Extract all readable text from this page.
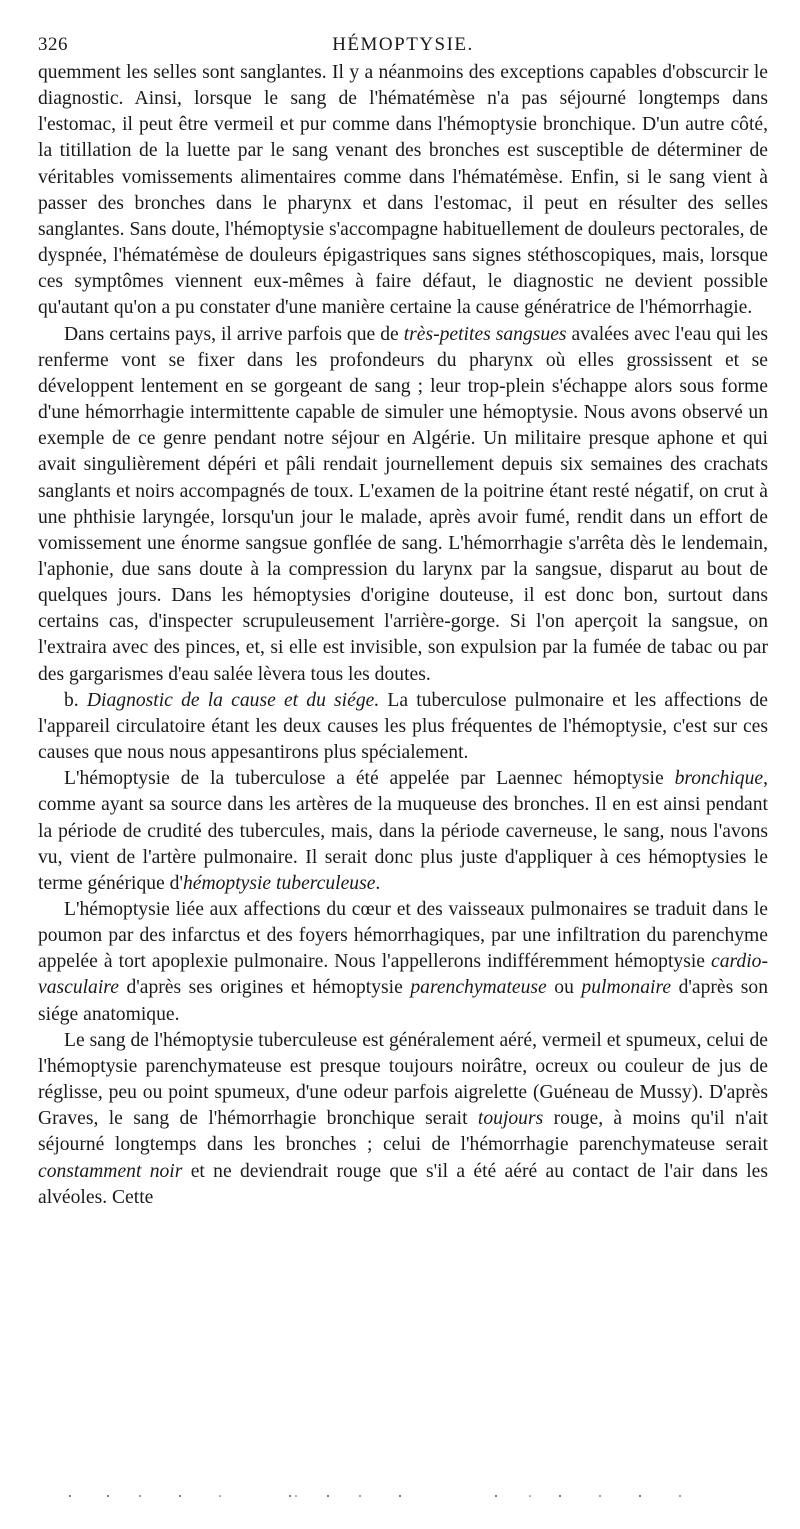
326	HÉMOPTYSIE.

quemment les selles sont sanglantes. Il y a néanmoins des exceptions capables d'obscurcir le diagnostic. Ainsi, lorsque le sang de l'hématémèse n'a pas séjourné longtemps dans l'estomac, il peut être vermeil et pur comme dans l'hémoptysie bronchique. D'un autre côté, la titillation de la luette par le sang venant des bronches est susceptible de déterminer de véritables vomissements alimentaires comme dans l'hématémèse. Enfin, si le sang vient à passer des bronches dans le pharynx et dans l'estomac, il peut en résulter des selles sanglantes. Sans doute, l'hémoptysie s'accompagne habituellement de douleurs pectorales, de dyspnée, l'hématémèse de douleurs épigastriques sans signes stéthoscopiques, mais, lorsque ces symptômes viennent eux-mêmes à faire défaut, le diagnostic ne devient possible qu'autant qu'on a pu constater d'une manière certaine la cause génératrice de l'hémorrhagie.

Dans certains pays, il arrive parfois que de très-petites sangsues avalées avec l'eau qui les renferme vont se fixer dans les profondeurs du pharynx où elles grossissent et se développent lentement en se gorgeant de sang ; leur trop-plein s'échappe alors sous forme d'une hémorrhagie intermittente capable de simuler une hémoptysie. Nous avons observé un exemple de ce genre pendant notre séjour en Algérie. Un militaire presque aphone et qui avait singulièrement dépéri et pâli rendait journellement depuis six semaines des crachats sanglants et noirs accompagnés de toux. L'examen de la poitrine étant resté négatif, on crut à une phthisie laryngée, lorsqu'un jour le malade, après avoir fumé, rendit dans un effort de vomissement une énorme sangsue gonflée de sang. L'hémorrhagie s'arrêta dès le lendemain, l'aphonie, due sans doute à la compression du larynx par la sangsue, disparut au bout de quelques jours. Dans les hémoptysies d'origine douteuse, il est donc bon, surtout dans certains cas, d'inspecter scrupuleusement l'arrière-gorge. Si l'on aperçoit la sangsue, on l'extraira avec des pinces, et, si elle est invisible, son expulsion par la fumée de tabac ou par des gargarismes d'eau salée lèvera tous les doutes.

b. Diagnostic de la cause et du siége. La tuberculose pulmonaire et les affections de l'appareil circulatoire étant les deux causes les plus fréquentes de l'hémoptysie, c'est sur ces causes que nous nous appesantirons plus spécialement.

L'hémoptysie de la tuberculose a été appelée par Laennec hémoptysie bronchique, comme ayant sa source dans les artères de la muqueuse des bronches. Il en est ainsi pendant la période de crudité des tubercules, mais, dans la période caverneuse, le sang, nous l'avons vu, vient de l'artère pulmonaire. Il serait donc plus juste d'appliquer à ces hémoptysies le terme générique d'hémoptysie tuberculeuse.

L'hémoptysie liée aux affections du cœur et des vaisseaux pulmonaires se traduit dans le poumon par des infarctus et des foyers hémorrhagiques, par une infiltration du parenchyme appelée à tort apoplexie pulmonaire. Nous l'appellerons indifféremment hémoptysie cardio-vasculaire d'après ses origines et hémoptysie parenchymateuse ou pulmonaire d'après son siége anatomique.

Le sang de l'hémoptysie tuberculeuse est généralement aéré, vermeil et spumeux, celui de l'hémoptysie parenchymateuse est presque toujours noirâtre, ocreux ou couleur de jus de réglisse, peu ou point spumeux, d'une odeur parfois aigrelette (Guéneau de Mussy). D'après Graves, le sang de l'hémorrhagie bronchique serait toujours rouge, à moins qu'il n'ait séjourné longtemps dans les bronches ; celui de l'hémorrhagie parenchymateuse serait constamment noir et ne deviendrait rouge que s'il a été aéré au contact de l'air dans les alvéoles. Cette
